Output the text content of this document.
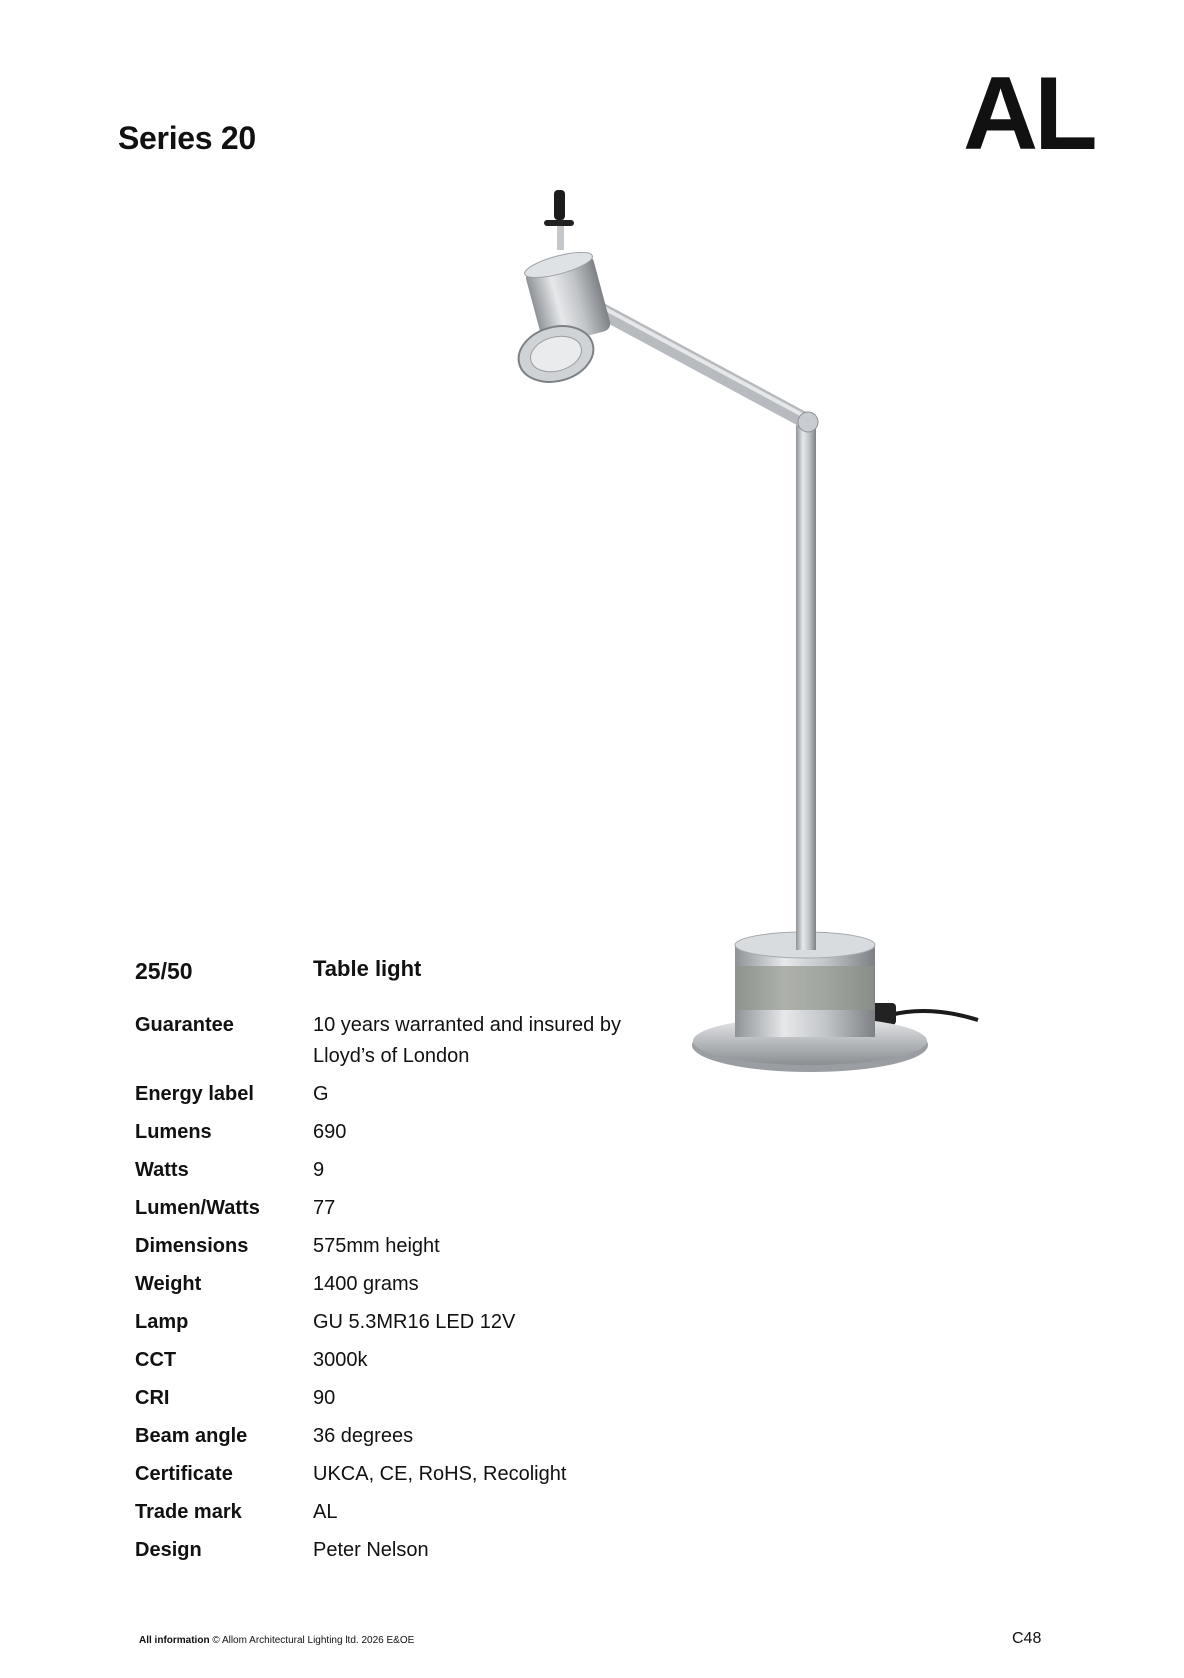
Series 20	AL
25/50	Table light
Guarantee	10 years warranted and insured by Lloyd’s of London
Energy label	G
Lumens	690
Watts	9
Lumen/Watts	77
Dimensions	575mm height
Weight	1400 grams
Lamp	GU 5.3MR16 LED 12V
CCT	3000k
CRI	90
Beam angle	36 degrees
Certificate	UKCA, CE, RoHS, Recolight
Trade mark	AL
Design	Peter Nelson
All information © Allom Architectural Lighting ltd. 2026 E&OE	C48
